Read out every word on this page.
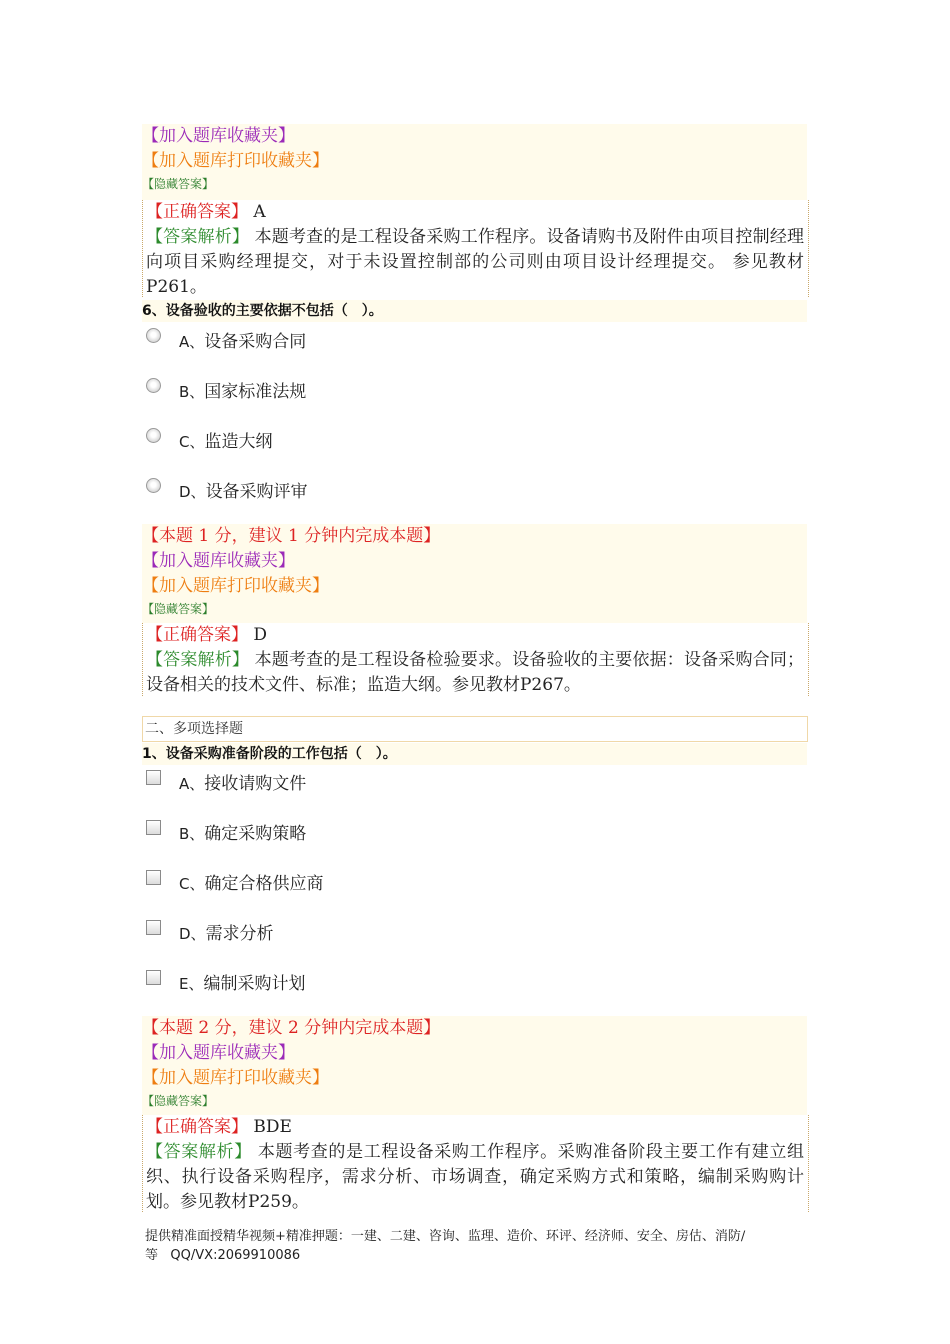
【加入题库收藏夹】
【加入题库打印收藏夹】
【隐藏答案】
【正确答案】 A
【答案解析】 本题考查的是工程设备采购工作程序。设备请购书及附件由项目控制经理向项目采购经理提交，对于未设置控制部的公司则由项目设计经理提交。 参见教材P261。
6、设备验收的主要依据不包括（　）。
A、设备采购合同
B、国家标准法规
C、监造大纲
D、设备采购评审
【本题 1 分，建议 1 分钟内完成本题】
【加入题库收藏夹】
【加入题库打印收藏夹】
【隐藏答案】
【正确答案】 D
【答案解析】 本题考查的是工程设备检验要求。设备验收的主要依据：设备采购合同； 设备相关的技术文件、标准；监造大纲。参见教材P267。
二、多项选择题
1、设备采购准备阶段的工作包括（　）。
A、接收请购文件
B、确定采购策略
C、确定合格供应商
D、需求分析
E、编制采购计划
【本题 2 分，建议 2 分钟内完成本题】
【加入题库收藏夹】
【加入题库打印收藏夹】
【隐藏答案】
【正确答案】 BDE
【答案解析】 本题考查的是工程设备采购工作程序。采购准备阶段主要工作有建立组织、执行设备采购程序，需求分析、市场调查，确定采购方式和策略，编制采购购计划。参见教材P259。
提供精准面授精华视频+精准押题：一建、二建、咨询、监理、造价、环评、经济师、安全、房估、消防/
等 QQ/VX:2069910086
